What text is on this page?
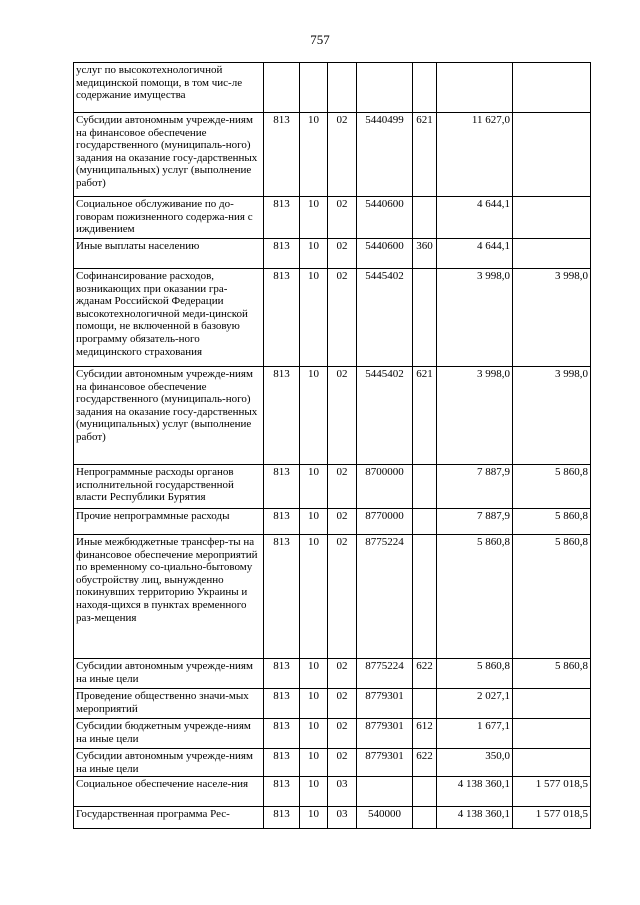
757
услуг по высокотехнологичной медицинской помощи, в том чис-ле содержание имущества							
Субсидии автономным учрежде-ниям на финансовое обеспечение государственного (муниципаль-ного) задания на оказание госу-дарственных (муниципальных) услуг (выполнение работ)	813	10	02	5440499	621	11 627,0	
Социальное обслуживание по до-говорам пожизненного содержа-ния с иждивением	813	10	02	5440600		4 644,1	
Иные выплаты населению	813	10	02	5440600	360	4 644,1	
Софинансирование расходов, возникающих при оказании гра-жданам Российской Федерации высокотехнологичной меди-цинской помощи, не включенной в базовую программу обязатель-ного медицинского страхования	813	10	02	5445402		3 998,0	3 998,0
Субсидии автономным учрежде-ниям на финансовое обеспечение государственного (муниципаль-ного) задания на оказание госу-дарственных (муниципальных) услуг (выполнение работ)	813	10	02	5445402	621	3 998,0	3 998,0
Непрограммные расходы органов исполнительной государственной власти Республики Бурятия	813	10	02	8700000		7 887,9	5 860,8
Прочие непрограммные расходы	813	10	02	8770000		7 887,9	5 860,8
Иные межбюджетные трансфер-ты на финансовое обеспечение мероприятий по временному со-циально-бытовому обустройству лиц, вынужденно покинувших территорию Украины и находя-щихся в пунктах временного раз-мещения	813	10	02	8775224		5 860,8	5 860,8
Субсидии автономным учрежде-ниям на иные цели	813	10	02	8775224	622	5 860,8	5 860,8
Проведение общественно значи-мых мероприятий	813	10	02	8779301		2 027,1	
Субсидии бюджетным учрежде-ниям на иные цели	813	10	02	8779301	612	1 677,1	
Субсидии автономным учрежде-ниям на иные цели	813	10	02	8779301	622	350,0	
Социальное обеспечение населе-ния	813	10	03			4 138 360,1	1 577 018,5
Государственная программа Рес-	813	10	03	540000		4 138 360,1	1 577 018,5
